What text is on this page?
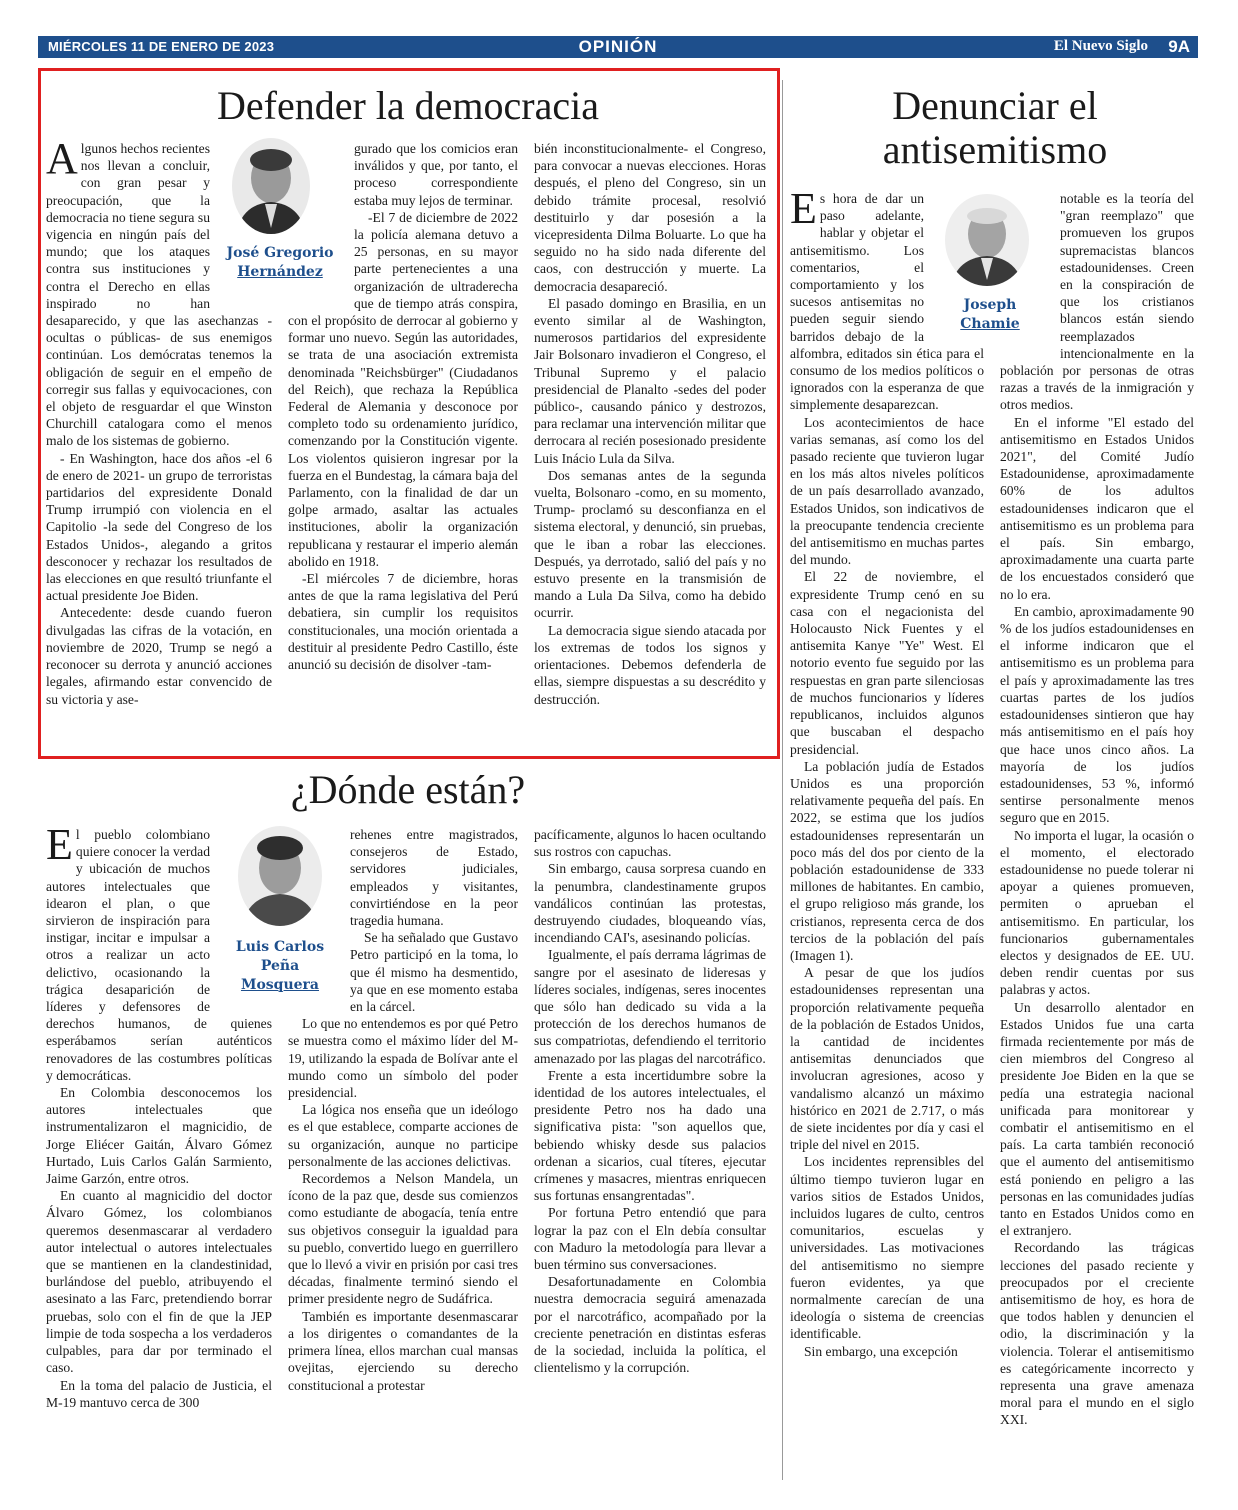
MIÉRCOLES 11 DE ENERO DE 2023	OPINIÓN	El Nuevo Siglo 9A
Defender la democracia
José Gregorio
Hernández

Algunos hechos recientes nos llevan a concluir, con gran pesar y preocupación, que la democracia no tiene segura su vigencia en ningún país del mundo; que los ataques contra sus instituciones y contra el Derecho en ellas inspirado no han desaparecido, y que las asechanzas -ocultas o públicas- de sus enemigos continúan. Los demócratas tenemos la obligación de seguir en el empeño de corregir sus fallas y equivocaciones, con el objeto de resguardar el que Winston Churchill catalogara como el menos malo de los sistemas de gobierno.

- En Washington, hace dos años -el 6 de enero de 2021- un grupo de terroristas partidarios del expresidente Donald Trump irrumpió con violencia en el Capitolio -la sede del Congreso de los Estados Unidos-, alegando a gritos desconocer y rechazar los resultados de las elecciones en que resultó triunfante el actual presidente Joe Biden.

Antecedente: desde cuando fueron divulgadas las cifras de la votación, en noviembre de 2020, Trump se negó a reconocer su derrota y anunció acciones legales, afirmando estar convencido de su victoria y ase-

gurado que los comicios eran inválidos y que, por tanto, el proceso correspondiente estaba muy lejos de terminar.

-El 7 de diciembre de 2022 la policía alemana detuvo a 25 personas, en su mayor parte pertenecientes a una organización de ultraderecha que de tiempo atrás conspira, con el propósito de derrocar al gobierno y formar uno nuevo. Según las autoridades, se trata de una asociación extremista denominada "Reichsbürger" (Ciudadanos del Reich), que rechaza la República Federal de Alemania y desconoce por completo todo su ordenamiento jurídico, comenzando por la Constitución vigente. Los violentos quisieron ingresar por la fuerza en el Bundestag, la cámara baja del Parlamento, con la finalidad de dar un golpe armado, asaltar las actuales instituciones, abolir la organización republicana y restaurar el imperio alemán abolido en 1918.

-El miércoles 7 de diciembre, horas antes de que la rama legislativa del Perú debatiera, sin cumplir los requisitos constitucionales, una moción orientada a destituir al presidente Pedro Castillo, éste anunció su decisión de disolver -tam-

bién inconstitucionalmente- el Congreso, para convocar a nuevas elecciones. Horas después, el pleno del Congreso, sin un debido trámite procesal, resolvió destituirlo y dar posesión a la vicepresidenta Dilma Boluarte. Lo que ha seguido no ha sido nada diferente del caos, con destrucción y muerte. La democracia desapareció.

El pasado domingo en Brasilia, en un evento similar al de Washington, numerosos partidarios del expresidente Jair Bolsonaro invadieron el Congreso, el Tribunal Supremo y el palacio presidencial de Planalto -sedes del poder público-, causando pánico y destrozos, para reclamar una intervención militar que derrocara al recién posesionado presidente Luis Inácio Lula da Silva.

Dos semanas antes de la segunda vuelta, Bolsonaro -como, en su momento, Trump- proclamó su desconfianza en el sistema electoral, y denunció, sin pruebas, que le iban a robar las elecciones. Después, ya derrotado, salió del país y no estuvo presente en la transmisión de mando a Lula Da Silva, como ha debido ocurrir.

La democracia sigue siendo atacada por los extremas de todos los signos y orientaciones. Debemos defenderla de ellas, siempre dispuestas a su descrédito y destrucción.

Denunciar el antisemitismo
Joseph
Chamie

Es hora de dar un paso adelante, hablar y objetar el antisemitismo. Los comentarios, el comportamiento y los sucesos antisemitas no pueden seguir siendo barridos debajo de la alfombra, editados sin ética para el consumo de los medios políticos o ignorados con la esperanza de que simplemente desaparezcan.

Los acontecimientos de hace varias semanas, así como los del pasado reciente que tuvieron lugar en los más altos niveles políticos de un país desarrollado avanzado, Estados Unidos, son indicativos de la preocupante tendencia creciente del antisemitismo en muchas partes del mundo.

El 22 de noviembre, el expresidente Trump cenó en su casa con el negacionista del Holocausto Nick Fuentes y el antisemita Kanye "Ye" West. El notorio evento fue seguido por las respuestas en gran parte silenciosas de muchos funcionarios y líderes republicanos, incluidos algunos que buscaban el despacho presidencial.

La población judía de Estados Unidos es una proporción relativamente pequeña del país. En 2022, se estima que los judíos estadounidenses representarán un poco más del dos por ciento de la población estadounidense de 333 millones de habitantes. En cambio, el grupo religioso más grande, los cristianos, representa cerca de dos tercios de la población del país (Imagen 1).

A pesar de que los judíos estadounidenses representan una proporción relativamente pequeña de la población de Estados Unidos, la cantidad de incidentes antisemitas denunciados que involucran agresiones, acoso y vandalismo alcanzó un máximo histórico en 2021 de 2.717, o más de siete incidentes por día y casi el triple del nivel en 2015.

Los incidentes reprensibles del último tiempo tuvieron lugar en varios sitios de Estados Unidos, incluidos lugares de culto, centros comunitarios, escuelas y universidades. Las motivaciones del antisemitismo no siempre fueron evidentes, ya que normalmente carecían de una ideología o sistema de creencias identificable.

Sin embargo, una excepción

notable es la teoría del "gran reemplazo" que promueven los grupos supremacistas blancos estadounidenses. Creen en la conspiración de que los cristianos blancos están siendo reemplazados intencionalmente en la población por personas de otras razas a través de la inmigración y otros medios.

En el informe "El estado del antisemitismo en Estados Unidos 2021", del Comité Judío Estadounidense, aproximadamente 60% de los adultos estadounidenses indicaron que el antisemitismo es un problema para el país. Sin embargo, aproximadamente una cuarta parte de los encuestados consideró que no lo era.

En cambio, aproximadamente 90 % de los judíos estadounidenses en el informe indicaron que el antisemitismo es un problema para el país y aproximadamente las tres cuartas partes de los judíos estadounidenses sintieron que hay más antisemitismo en el país hoy que hace unos cinco años. La mayoría de los judíos estadounidenses, 53 %, informó sentirse personalmente menos seguro que en 2015.

No importa el lugar, la ocasión o el momento, el electorado estadounidense no puede tolerar ni apoyar a quienes promueven, permiten o aprueban el antisemitismo. En particular, los funcionarios gubernamentales electos y designados de EE. UU. deben rendir cuentas por sus palabras y actos.

Un desarrollo alentador en Estados Unidos fue una carta firmada recientemente por más de cien miembros del Congreso al presidente Joe Biden en la que se pedía una estrategia nacional unificada para monitorear y combatir el antisemitismo en el país. La carta también reconoció que el aumento del antisemitismo está poniendo en peligro a las personas en las comunidades judías tanto en Estados Unidos como en el extranjero.

Recordando las trágicas lecciones del pasado reciente y preocupados por el creciente antisemitismo de hoy, es hora de que todos hablen y denuncien el odio, la discriminación y la violencia. Tolerar el antisemitismo es categóricamente incorrecto y representa una grave amenaza moral para el mundo en el siglo XXI.

¿Dónde están?
Luis Carlos
Peña
Mosquera

El pueblo colombiano quiere conocer la verdad y ubicación de muchos autores intelectuales que idearon el plan, o que sirvieron de inspiración para instigar, incitar e impulsar a otros a realizar un acto delictivo, ocasionando la trágica desaparición de líderes y defensores de derechos humanos, de quienes esperábamos serían auténticos renovadores de las costumbres políticas y democráticas.

En Colombia desconocemos los autores intelectuales que instrumentalizaron el magnicidio, de Jorge Eliécer Gaitán, Álvaro Gómez Hurtado, Luis Carlos Galán Sarmiento, Jaime Garzón, entre otros.

En cuanto al magnicidio del doctor Álvaro Gómez, los colombianos queremos desenmascarar al verdadero autor intelectual o autores intelectuales que se mantienen en la clandestinidad, burlándose del pueblo, atribuyendo el asesinato a las Farc, pretendiendo borrar pruebas, solo con el fin de que la JEP limpie de toda sospecha a los verdaderos culpables, para dar por terminado el caso.

En la toma del palacio de Justicia, el M-19 mantuvo cerca de 300

rehenes entre magistrados, consejeros de Estado, servidores judiciales, empleados y visitantes, convirtiéndose en la peor tragedia humana.

Se ha señalado que Gustavo Petro participó en la toma, lo que él mismo ha desmentido, ya que en ese momento estaba en la cárcel.

Lo que no entendemos es por qué Petro se muestra como el máximo líder del M-19, utilizando la espada de Bolívar ante el mundo como un símbolo del poder presidencial.

La lógica nos enseña que un ideólogo es el que establece, comparte acciones de su organización, aunque no participe personalmente de las acciones delictivas.

Recordemos a Nelson Mandela, un ícono de la paz que, desde sus comienzos como estudiante de abogacía, tenía entre sus objetivos conseguir la igualdad para su pueblo, convertido luego en guerrillero que lo llevó a vivir en prisión por casi tres décadas, finalmente terminó siendo el primer presidente negro de Sudáfrica.

También es importante desenmascarar a los dirigentes o comandantes de la primera línea, ellos marchan cual mansas ovejitas, ejerciendo su derecho constitucional a protestar

pacíficamente, algunos lo hacen ocultando sus rostros con capuchas.

Sin embargo, causa sorpresa cuando en la penumbra, clandestinamente grupos vandálicos continúan las protestas, destruyendo ciudades, bloqueando vías, incendiando CAI's, asesinando policías.

Igualmente, el país derrama lágrimas de sangre por el asesinato de lideresas y líderes sociales, indígenas, seres inocentes que sólo han dedicado su vida a la protección de los derechos humanos de sus compatriotas, defendiendo el territorio amenazado por las plagas del narcotráfico.

Frente a esta incertidumbre sobre la identidad de los autores intelectuales, el presidente Petro nos ha dado una significativa pista: "son aquellos que, bebiendo whisky desde sus palacios ordenan a sicarios, cual títeres, ejecutar crímenes y masacres, mientras enriquecen sus fortunas ensangrentadas".

Por fortuna Petro entendió que para lograr la paz con el Eln debía consultar con Maduro la metodología para llevar a buen término sus conversaciones.

Desafortunadamente en Colombia nuestra democracia seguirá amenazada por el narcotráfico, acompañado por la creciente penetración en distintas esferas de la sociedad, incluida la política, el clientelismo y la corrupción.
